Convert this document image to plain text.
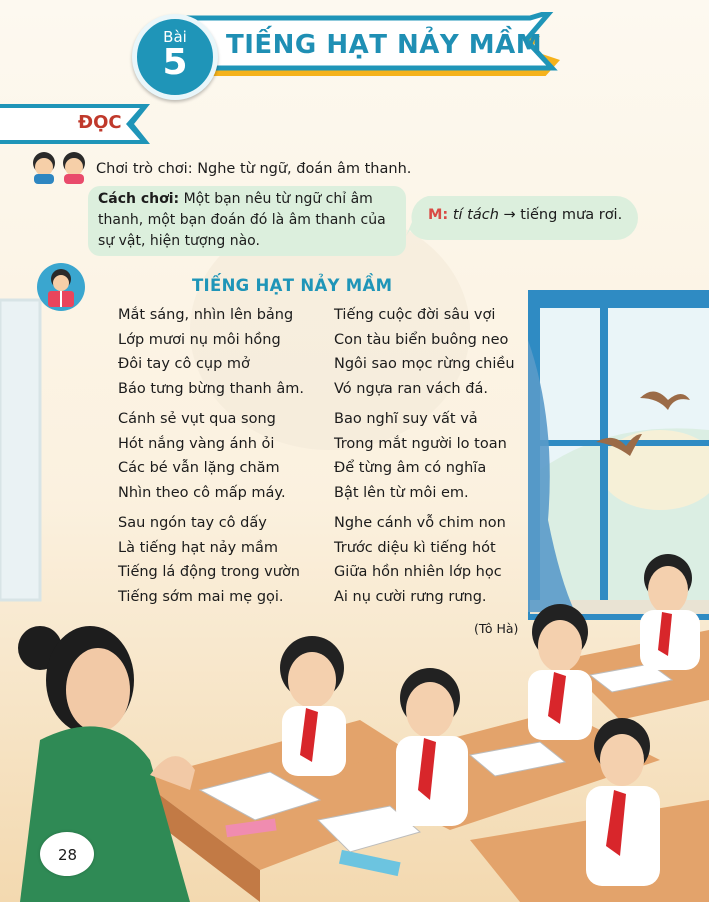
Bài
5	TIẾNG HẠT NẢY MẦM
ĐỌC
Chơi trò chơi: Nghe từ ngữ, đoán âm thanh.
Cách chơi: Một bạn nêu từ ngữ chỉ âm thanh, một bạn đoán đó là âm thanh của sự vật, hiện tượng nào.
M: tí tách → tiếng mưa rơi.
TIẾNG HẠT NẢY MẦM
Mắt sáng, nhìn lên bảng
Lớp mươi nụ môi hồng
Đôi tay cô cụp mở
Báo tưng bừng thanh âm.
Cánh sẻ vụt qua song
Hót nắng vàng ánh ỏi
Các bé vẫn lặng chăm
Nhìn theo cô mấp máy.
Sau ngón tay cô dấy
Là tiếng hạt nảy mầm
Tiếng lá động trong vườn
Tiếng sớm mai mẹ gọi.
Tiếng cuộc đời sâu vợi
Con tàu biển buông neo
Ngôi sao mọc rừng chiều
Vó ngựa ran vách đá.
Bao nghĩ suy vất vả
Trong mắt người lo toan
Để từng âm có nghĩa
Bật lên từ môi em.
Nghe cánh vỗ chim non
Trước diệu kì tiếng hót
Giữa hồn nhiên lớp học
Ai nụ cười rưng rưng.
(Tô Hà)
28
